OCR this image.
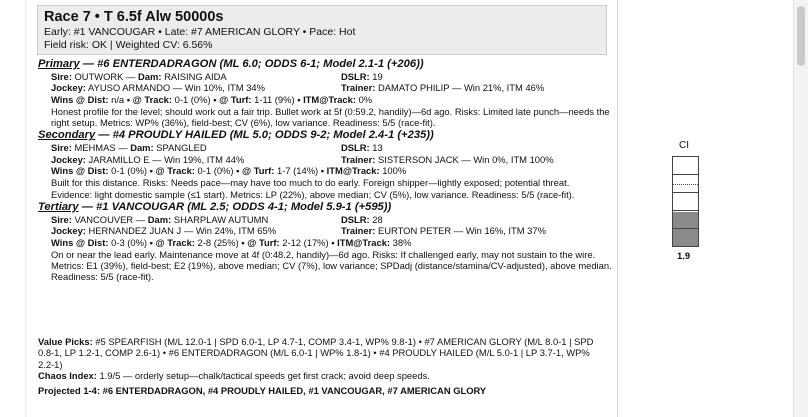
Race 7 • T 6.5f Alw 50000s
Early: #1 VANCOUGAR • Late: #7 AMERICAN GLORY • Pace: Hot
Field risk: OK | Weighted CV: 6.56%
Primary — #6 ENTERDADRAGON (ML 6.0; ODDS 6-1; Model 2.1-1 (+206))
Sire: OUTWORK — Dam: RAISING AIDA	DSLR: 19
Jockey: AYUSO ARMANDO — Win 10%, ITM 34%	Trainer: DAMATO PHILIP — Win 21%, ITM 46%
Wins @ Dist: n/a • @ Track: 0-1 (0%) • @ Turf: 1-11 (9%) • ITM@Track: 0%
Honest profile for the level; should work out a fair trip. Bullet work at 5f (0:59.2, handily)—6d ago. Risks: Limited late punch—needs the right setup. Metrics: WP% (36%), field-best; CV (6%), low variance. Readiness: 5/5 (race-fit).
Secondary — #4 PROUDLY HAILED (ML 5.0; ODDS 9-2; Model 2.4-1 (+235))
Sire: MEHMAS — Dam: SPANGLED	DSLR: 13
Jockey: JARAMILLO E — Win 19%, ITM 44%	Trainer: SISTERSON JACK — Win 0%, ITM 100%
Wins @ Dist: 0-1 (0%) • @ Track: 0-1 (0%) • @ Turf: 1-7 (14%) • ITM@Track: 100%
Built for this distance. Risks: Needs pace—may have too much to do early. Foreign shipper—lightly exposed; potential threat. Evidence: light domestic sample (≤1 start). Metrics: LP (22%), above median; CV (5%), low variance. Readiness: 5/5 (race-fit).
Tertiary — #1 VANCOUGAR (ML 2.5; ODDS 4-1; Model 5.9-1 (+595))
Sire: VANCOUVER — Dam: SHARPLAW AUTUMN	DSLR: 28
Jockey: HERNANDEZ JUAN J — Win 24%, ITM 65%	Trainer: EURTON PETER — Win 16%, ITM 37%
Wins @ Dist: 0-3 (0%) • @ Track: 2-8 (25%) • @ Turf: 2-12 (17%) • ITM@Track: 38%
On or near the lead early. Maintenance move at 4f (0:48.2, handily)—6d ago. Risks: If challenged early, may not sustain to the wire. Metrics: E1 (39%), field-best; E2 (19%), above median; CV (7%), low variance; SPDadj (distance/stamina/CV-adjusted), above median. Readiness: 5/5 (race-fit).
Value Picks: #5 SPEARFISH (M/L 12.0-1 | SPD 6.0-1, LP 4.7-1, COMP 3.4-1, WP% 9.8-1) • #7 AMERICAN GLORY (M/L 8.0-1 | SPD 0.8-1, LP 1.2-1, COMP 2.6-1) • #6 ENTERDADRAGON (M/L 6.0-1 | WP% 1.8-1) • #4 PROUDLY HAILED (M/L 5.0-1 | LP 3.7-1, WP% 2.2-1)
Chaos Index: 1.9/5 — orderly setup—chalk/tactical speeds get first crack; avoid deep speeds.
Projected 1-4: #6 ENTERDADRAGON, #4 PROUDLY HAILED, #1 VANCOUGAR, #7 AMERICAN GLORY
CI
1.9
